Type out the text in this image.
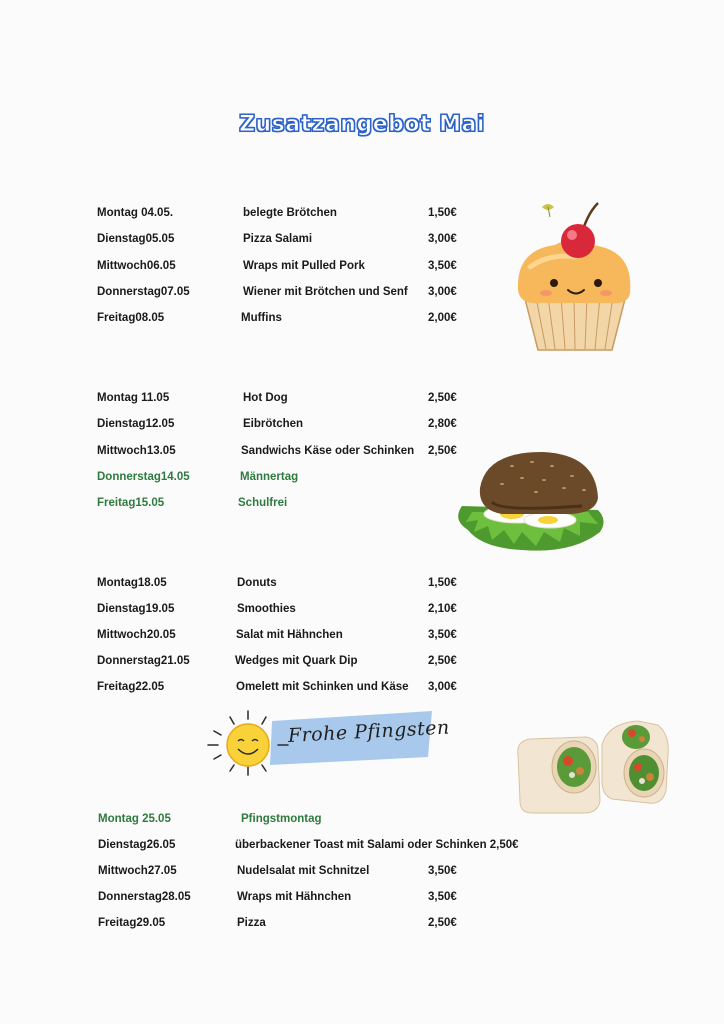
Zusatzangebot Mai
Montag 04.05.	belegte Brötchen	1,50€
Dienstag05.05	Pizza Salami	3,00€
Mittwoch06.05	Wraps mit Pulled Pork	3,50€
Donnerstag07.05	Wiener mit Brötchen und Senf 3,00€
Freitag08.05	Muffins	2,00€
Montag 11.05	Hot Dog	2,50€
Dienstag12.05	Eibrötchen	2,80€
Mittwoch13.05	Sandwichs Käse oder Schinken 2,50€
Donnerstag14.05	Männertag
Freitag15.05	Schulfrei
Montag18.05	Donuts	1,50€
Dienstag19.05	Smoothies	2,10€
Mittwoch20.05	Salat mit Hähnchen	3,50€
Donnerstag21.05	Wedges mit Quark Dip	2,50€
Freitag22.05	Omelett mit Schinken und Käse 3,00€
Montag 25.05	Pfingstmontag
Dienstag26.05	überbackener Toast mit Salami oder Schinken 2,50€
Mittwoch27.05	Nudelsalat mit Schnitzel	3,50€
Donnerstag28.05	Wraps mit Hähnchen	3,50€
Freitag29.05	Pizza	2,50€
Frohe Pfingsten
